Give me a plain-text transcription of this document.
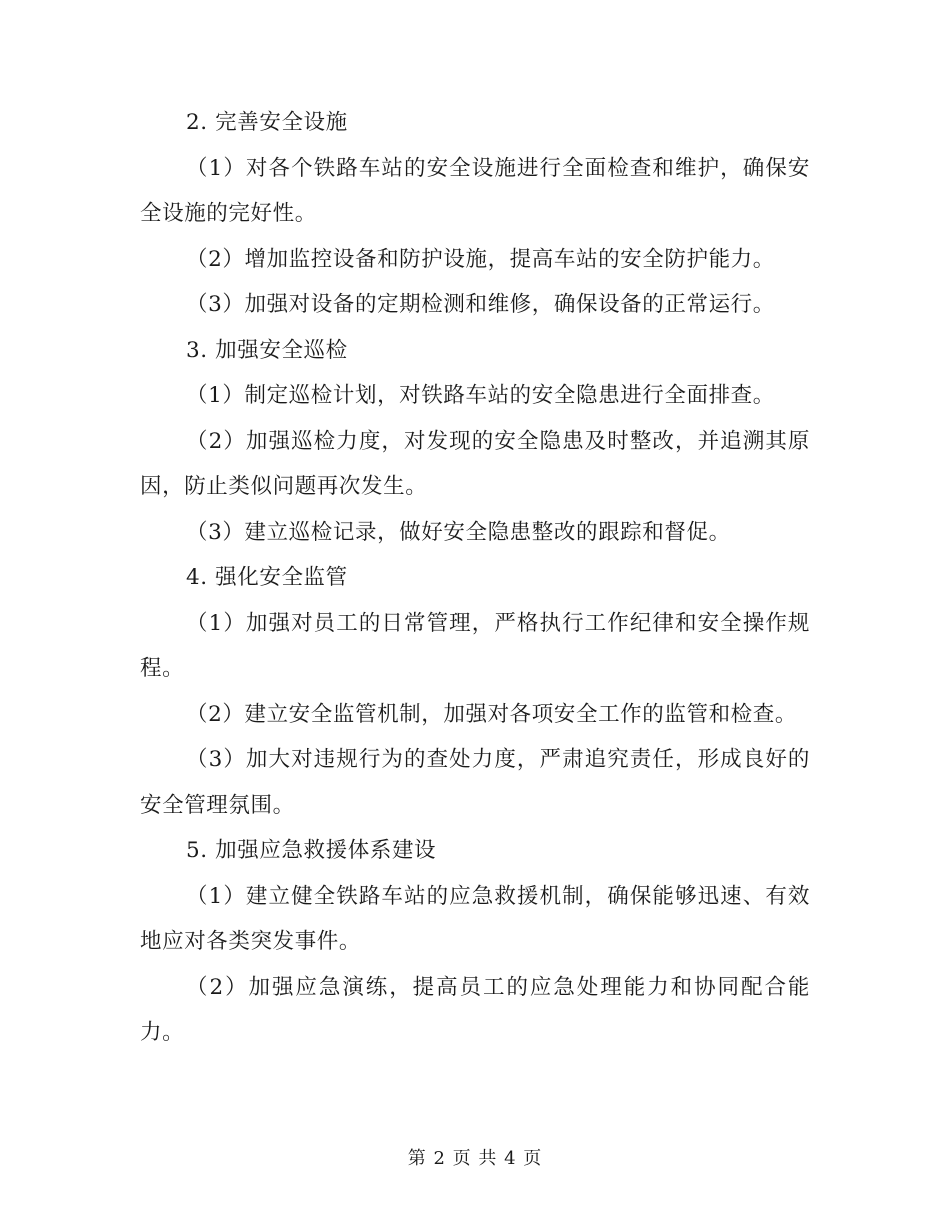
2. 完善安全设施

（1）对各个铁路车站的安全设施进行全面检查和维护，确保安全设施的完好性。

（2）增加监控设备和防护设施，提高车站的安全防护能力。

（3）加强对设备的定期检测和维修，确保设备的正常运行。

3. 加强安全巡检

（1）制定巡检计划，对铁路车站的安全隐患进行全面排查。

（2）加强巡检力度，对发现的安全隐患及时整改，并追溯其原因，防止类似问题再次发生。

（3）建立巡检记录，做好安全隐患整改的跟踪和督促。

4. 强化安全监管

（1）加强对员工的日常管理，严格执行工作纪律和安全操作规程。

（2）建立安全监管机制，加强对各项安全工作的监管和检查。

（3）加大对违规行为的查处力度，严肃追究责任，形成良好的安全管理氛围。

5. 加强应急救援体系建设

（1）建立健全铁路车站的应急救援机制，确保能够迅速、有效地应对各类突发事件。

（2）加强应急演练，提高员工的应急处理能力和协同配合能力。

第 2 页 共 4 页
